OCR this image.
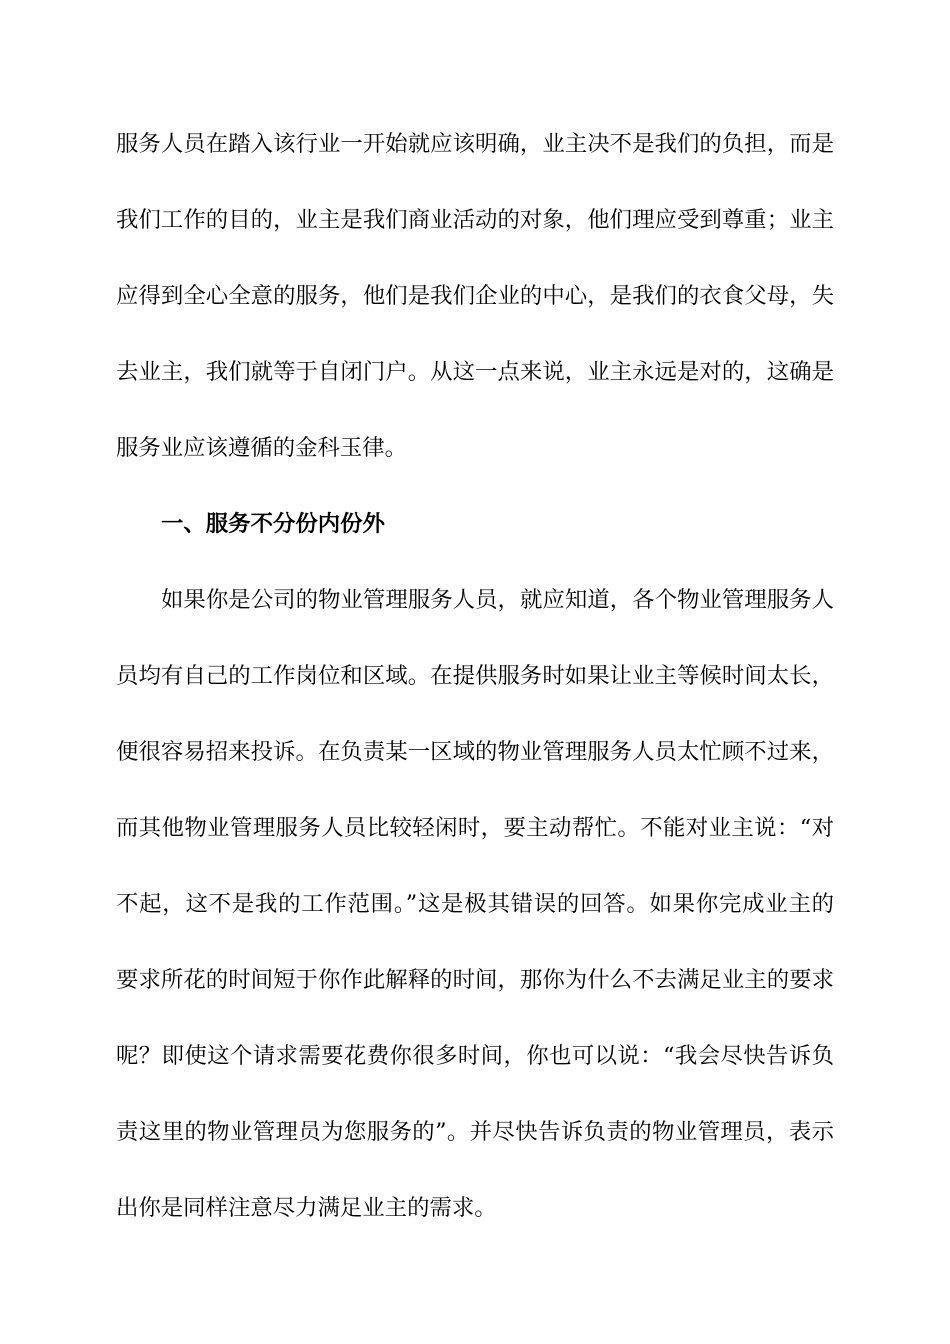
服务人员在踏入该行业一开始就应该明确，业主决不是我们的负担，而是

我们工作的目的，业主是我们商业活动的对象，他们理应受到尊重；业主

应得到全心全意的服务，他们是我们企业的中心，是我们的衣食父母，失

去业主，我们就等于自闭门户。从这一点来说，业主永远是对的，这确是

服务业应该遵循的金科玉律。

一、服务不分份内份外

如果你是公司的物业管理服务人员，就应知道，各个物业管理服务人

员均有自己的工作岗位和区域。在提供服务时如果让业主等候时间太长，

便很容易招来投诉。在负责某一区域的物业管理服务人员太忙顾不过来，

而其他物业管理服务人员比较轻闲时，要主动帮忙。不能对业主说：“对

不起，这不是我的工作范围。”这是极其错误的回答。如果你完成业主的

要求所花的时间短于你作此解释的时间，那你为什么不去满足业主的要求

呢？即使这个请求需要花费你很多时间，你也可以说：“我会尽快告诉负

责这里的物业管理员为您服务的”。并尽快告诉负责的物业管理员，表示

出你是同样注意尽力满足业主的需求。
